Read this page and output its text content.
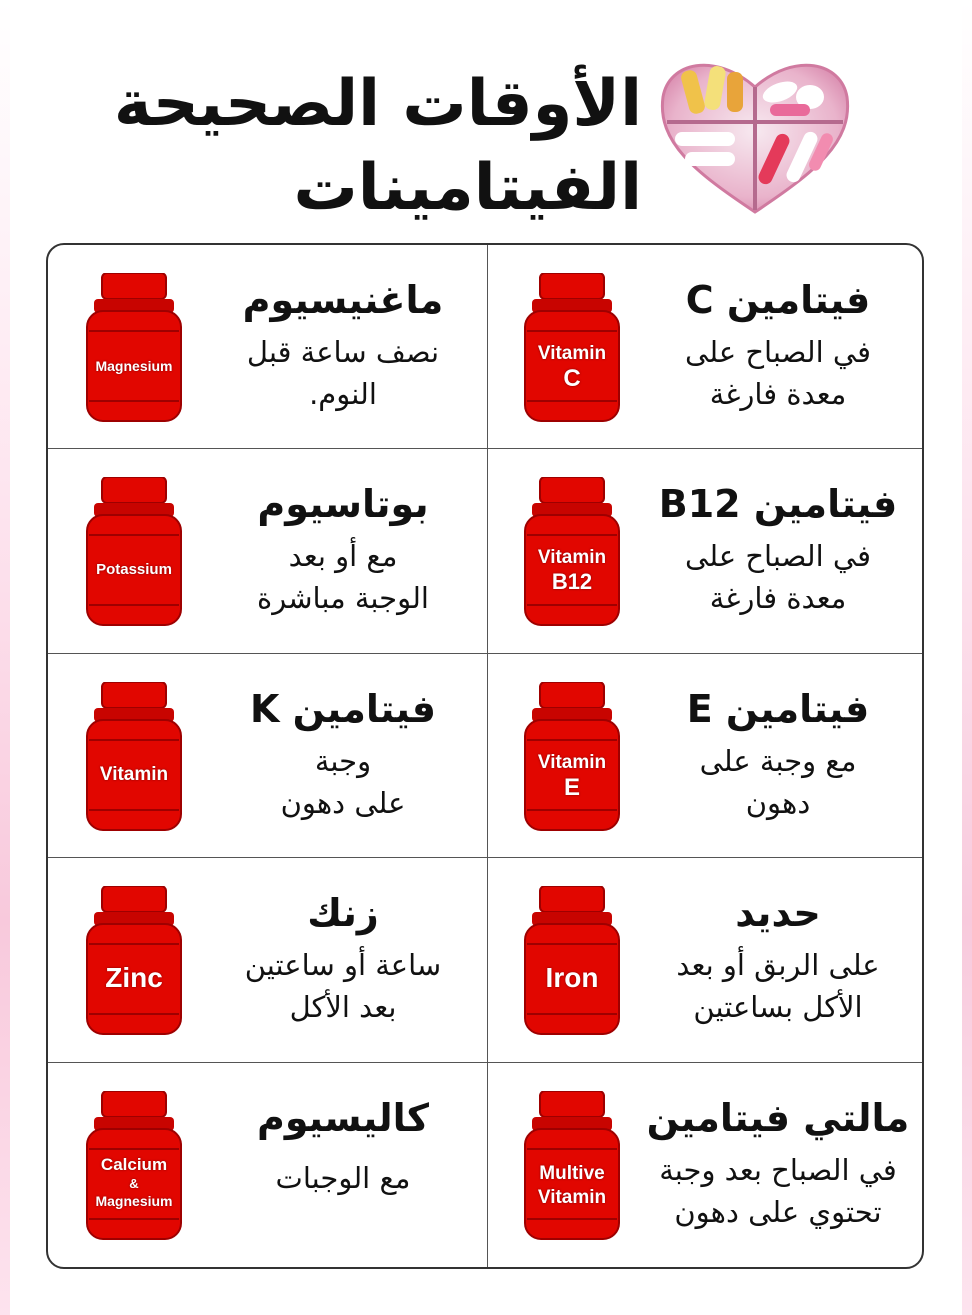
الأوقات الصحيحة
الفيتامينات
Magnesium
ماغنيسيوم
نصف ساعة قبل
النوم.
Vitamin
C
فيتامين C
في الصباح على
معدة فارغة
Potassium
بوتاسيوم
مع أو بعد
الوجبة مباشرة
Vitamin
B12
فيتامين B12
في الصباح على
معدة فارغة
Vitamin
فيتامين K
وجبة
على دهون
Vitamin
E
فيتامين E
مع وجبة على
دهون
Zinc
زنك
ساعة أو ساعتين
بعد الأكل
Iron
حديد
على الربق أو بعد
الأكل بساعتين
Calcium
&
Magnesium
كاليسيوم
مع الوجبات	Multive
Vitamin
مالتي فيتامين
في الصباح بعد وجبة
تحتوي على دهون
